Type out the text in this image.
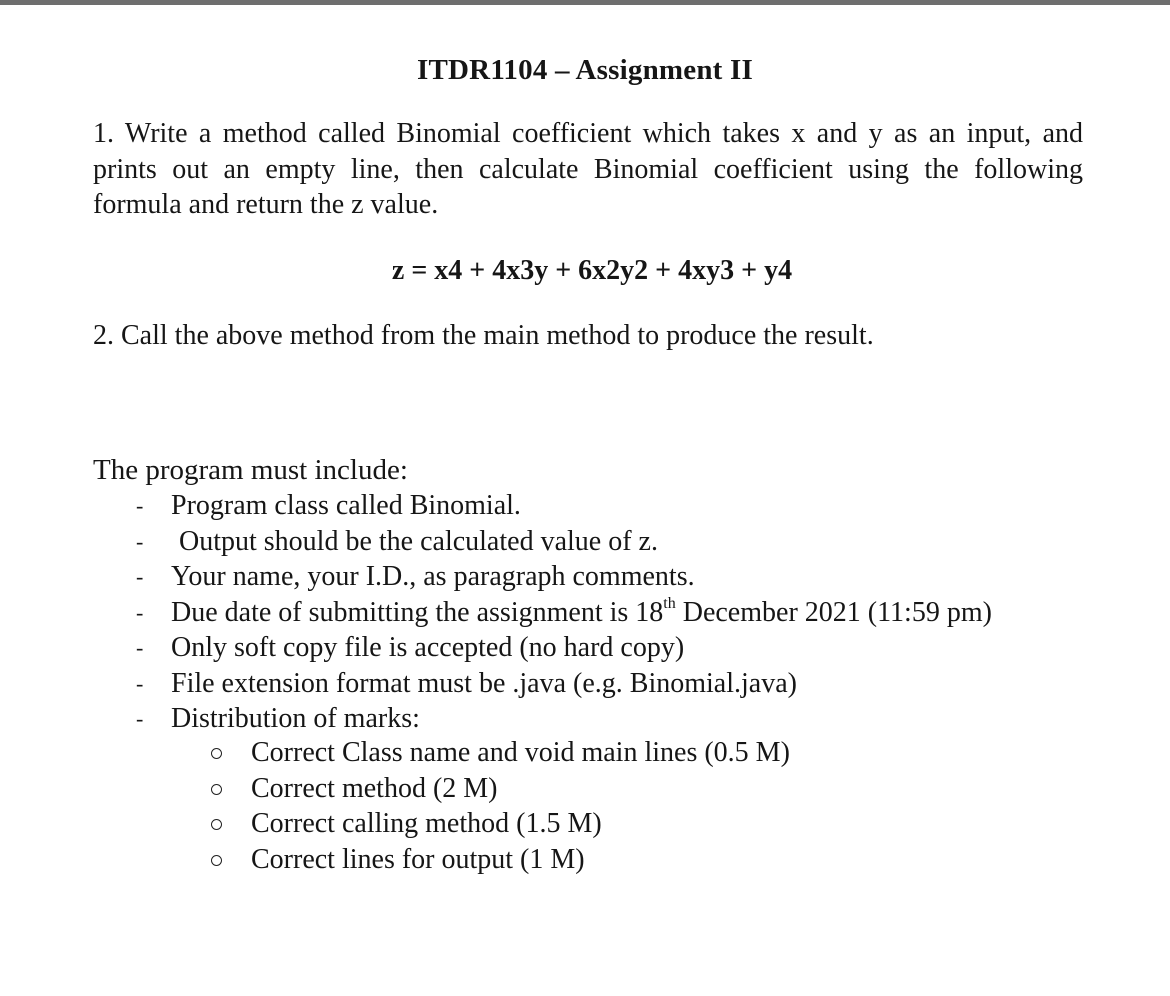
ITDR1104 – Assignment II
1. Write a method called Binomial coefficient which takes x and y as an input, and prints out an empty line, then calculate Binomial coefficient using the following formula and return the z value.
z = x4 + 4x3y + 6x2y2 + 4xy3 + y4
2. Call the above method from the main method to produce the result.
The program must include:
- Program class called Binomial.
-	Output should be the calculated value of z.
- Your name, your I.D., as paragraph comments.
- Due date of submitting the assignment is 18th December 2021 (11:59 pm)
- Only soft copy file is accepted (no hard copy)
- File extension format must be .java (e.g. Binomial.java)
- Distribution of marks:
Correct Class name and void main lines (0.5 M)
Correct method (2 M)
Correct calling method (1.5 M)
Correct lines for output (1 M)
